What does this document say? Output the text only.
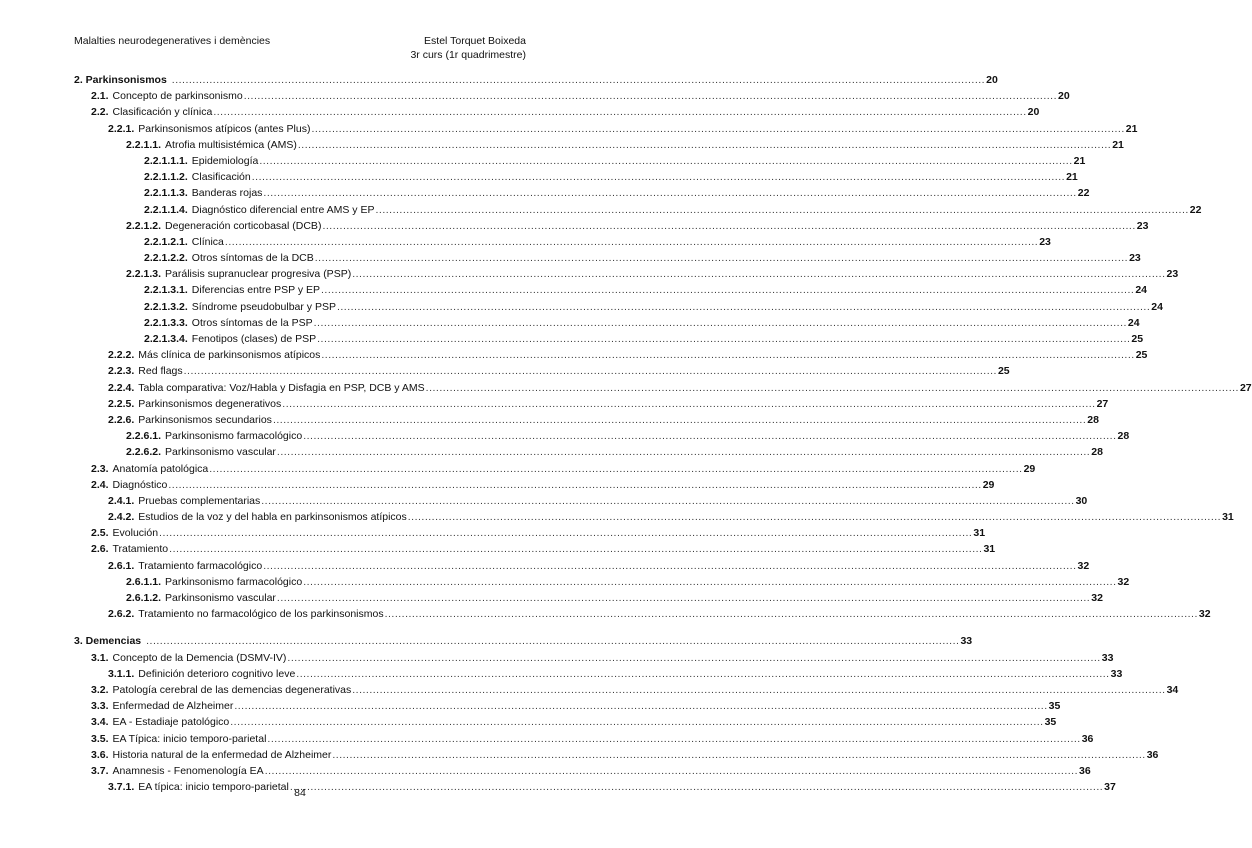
Malalties neurodegeneratives i demències	Estel Torquet Boixeda
3r curs (1r quadrimestre)
2. Parkinsonismos .....	20
2.1. Concepto de parkinsonismo .....	20
2.2. Clasificación y clínica .....	20
2.2.1. Parkinsonismos atípicos (antes Plus) .....	21
2.2.1.1. Atrofia multisistémica (AMS) .....	21
2.2.1.1.1. Epidemiología .....	21
2.2.1.1.2. Clasificación .....	21
2.2.1.1.3. Banderas rojas .....	22
2.2.1.1.4. Diagnóstico diferencial entre AMS y EP .....	22
2.2.1.2. Degeneración corticobasal (DCB) .....	23
2.2.1.2.1. Clínica .....	23
2.2.1.2.2. Otros síntomas de la DCB .....	23
2.2.1.3. Parálisis supranuclear progresiva (PSP) .....	23
2.2.1.3.1. Diferencias entre PSP y EP .....	24
2.2.1.3.2. Síndrome pseudobulbar y PSP .....	24
2.2.1.3.3. Otros síntomas de la PSP .....	24
2.2.1.3.4. Fenotipos (clases) de PSP .....	25
2.2.2. Más clínica de parkinsonismos atípicos .....	25
2.2.3. Red flags .....	25
2.2.4. Tabla comparativa: Voz/Habla y Disfagia en PSP, DCB y AMS .....	27
2.2.5. Parkinsonismos degenerativos .....	27
2.2.6. Parkinsonismos secundarios .....	28
2.2.6.1. Parkinsonismo farmacológico .....	28
2.2.6.2. Parkinsonismo vascular .....	28
2.3. Anatomía patológica .....	29
2.4. Diagnóstico .....	29
2.4.1. Pruebas complementarias .....	30
2.4.2. Estudios de la voz y del habla en parkinsonismos atípicos .....	31
2.5. Evolución .....	31
2.6. Tratamiento .....	31
2.6.1. Tratamiento farmacológico .....	32
2.6.1.1. Parkinsonismo farmacológico .....	32
2.6.1.2. Parkinsonismo vascular .....	32
2.6.2. Tratamiento no farmacológico de los parkinsonismos .....	32
3. Demencias .....	33
3.1. Concepto de la Demencia (DSMV-IV) .....	33
3.1.1. Definición deterioro cognitivo leve .....	33
3.2. Patología cerebral de las demencias degenerativas .....	34
3.3. Enfermedad de Alzheimer .....	35
3.4. EA - Estadiaje patológico .....	35
3.5. EA Típica: inicio temporo-parietal .....	36
3.6. Historia natural de la enfermedad de Alzheimer .....	36
3.7. Anamnesis - Fenomenología EA .....	36
3.7.1. EA típica: inicio temporo-parietal .....	37
84
